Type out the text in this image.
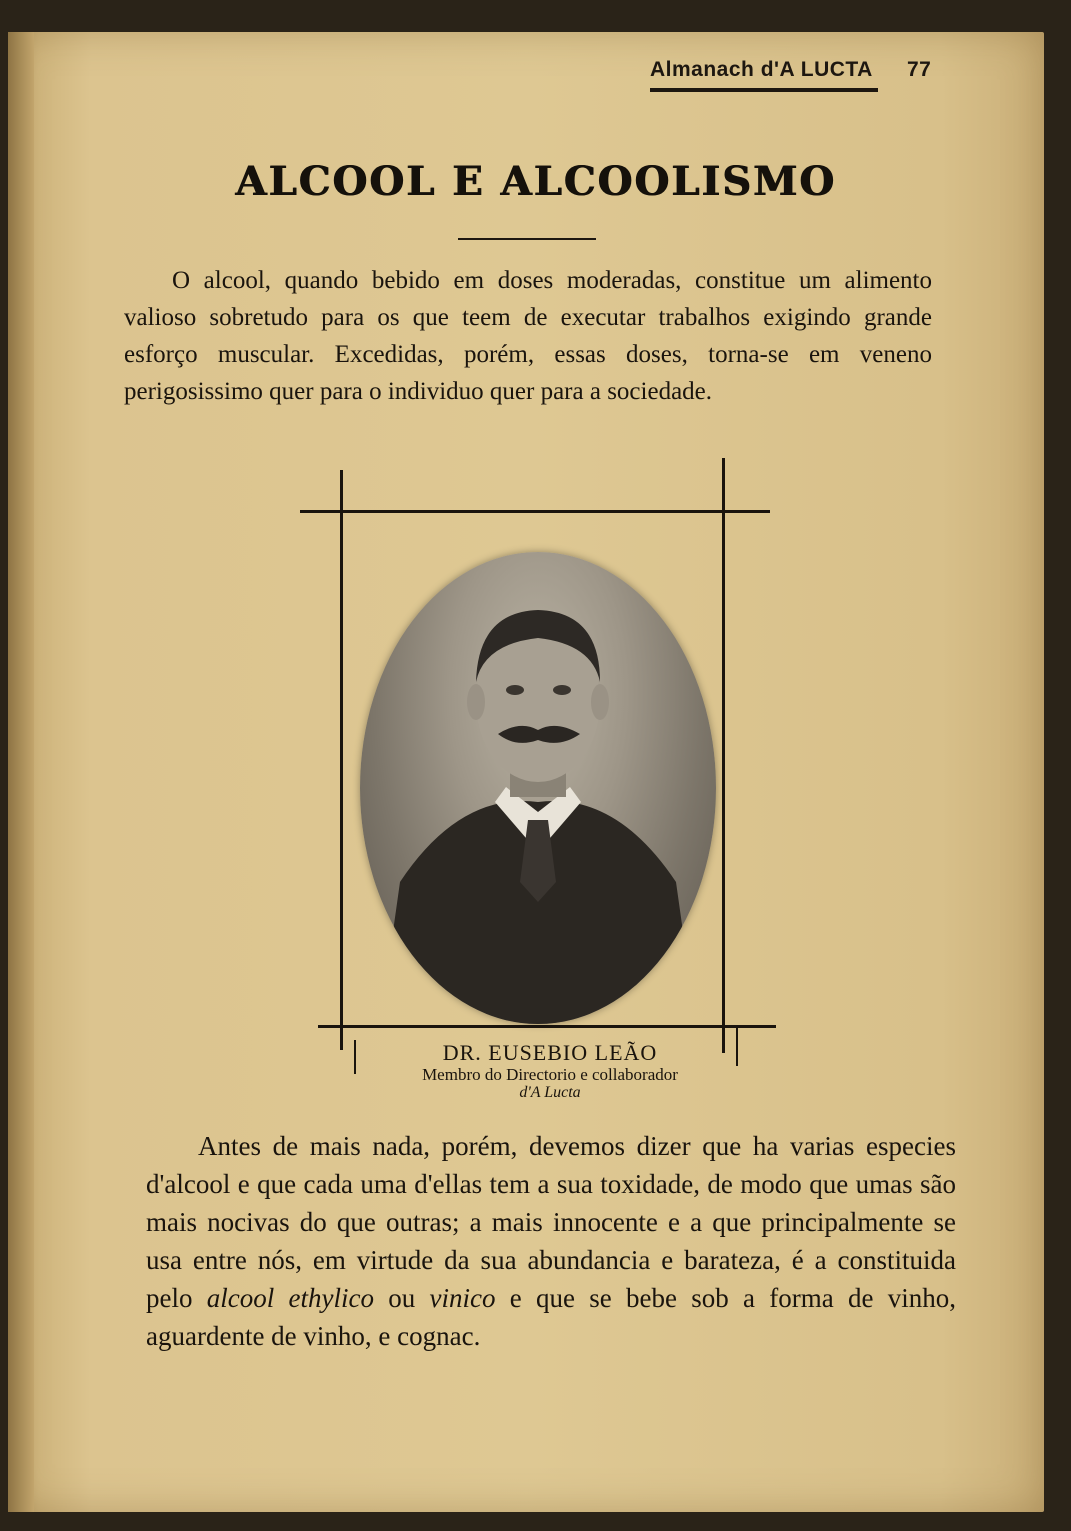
Almanach d'A LUCTA 77
ALCOOL E ALCOOLISMO
O alcool, quando bebido em doses moderadas, constitue um alimento valioso sobretudo para os que teem de executar trabalhos exigindo grande esforço muscular. Excedidas, porém, essas doses, torna-se em veneno perigosissimo quer para o individuo quer para a sociedade.
DR. EUSEBIO LEÃO
Membro do Directorio e collaborador
d'A Lucta
Antes de mais nada, porém, devemos dizer que ha varias especies d'alcool e que cada uma d'ellas tem a sua toxidade, de modo que umas são mais nocivas do que outras; a mais innocente e a que principalmente se usa entre nós, em virtude da sua abundancia e barateza, é a constituida pelo alcool ethylico ou vinico e que se bebe sob a forma de vinho, aguardente de vinho, e cognac.
